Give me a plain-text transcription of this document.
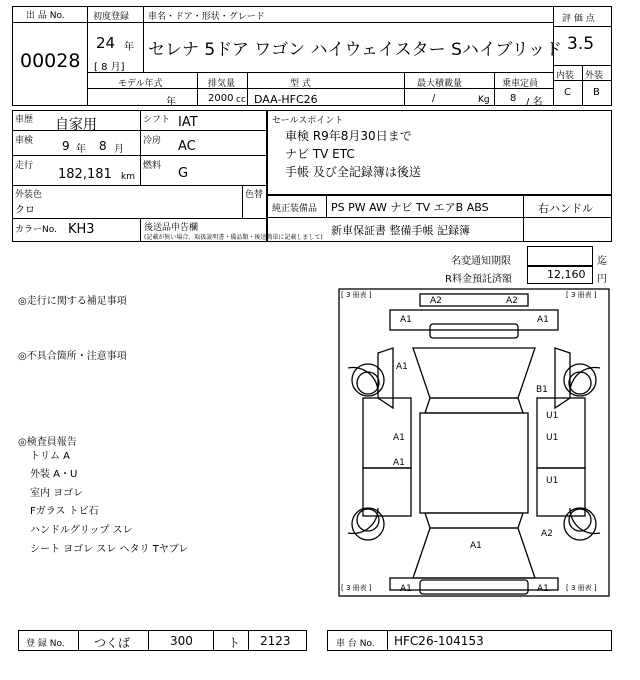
出 品 No.
00028
初度登録
24 年
[ 8 月]
車名・ドア・形状・グレード
セレナ 5ドア ワゴン ハイウェイスター Sハイブリッド
評 価 点
3.5
内装 外装
C B
モデル年式
年
排気量
2000 cc
型 式
DAA-HFC26
最大積載量
/	Kg
乗車定員
8 / 名
車歴 自家用	シフト IAT
車検 9 年 8 月
冷房 AC
走行
182,181 km
燃料 G
外装色
クロ
色替
カラーNo. KH3	後送品申告欄
(記載が無い場合、取扱説明書・備品類・後送簡単に記載しまして)
セールスポイント
車検 R9年8月30日まで
ナビ TV ETC
手帳 及び全記録簿は後送
純正装備品 PS PW AW ナビ TV エアB ABS	右ハンドル
新車保証書 整備手帳 記録簿
名変通知期限	迄
R料金預託済額	12,160 円
◎走行に関する補足事項
◎不具合箇所・注意事項
◎検査員報告
トリム A
外装 A・U
室内 ヨゴレ
Fガラス トビ石
ハンドルグリップ スレ
シート ヨゴレ スレ ヘタリ Tヤブレ
[ 3 冊表 ]	[ 3 冊表 ]
[ 3 冊表 ]	[ 3 冊表 ]
A2	A2
A1	A1
A1
B1
U1
U1
U1
A1
A1
A1
A2
A1	A1
登 録 No. つくば	300	ト 2123	車 台 No. HFC26-104153
